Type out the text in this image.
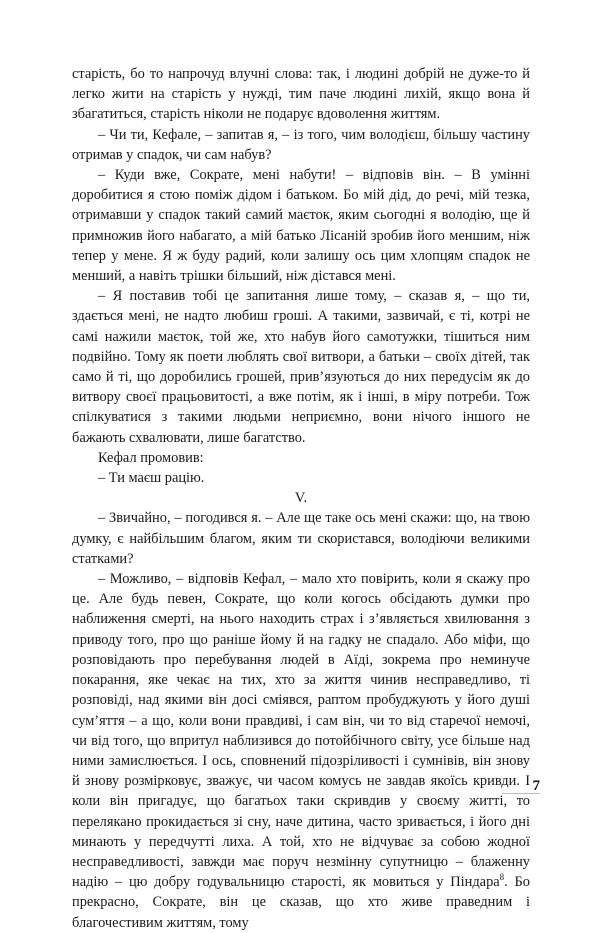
старість, бо то напрочуд влучні слова: так, і людині добрій не дуже-то й легко жити на старість у нужді, тим паче людині лихій, якщо вона й збагатиться, старість ніколи не подарує вдоволення життям.

– Чи ти, Кефале, – запитав я, – із того, чим володієш, більшу частину отримав у спадок, чи сам набув?

– Куди вже, Сократе, мені набути! – відповів він. – В умінні доробитися я стою поміж дідом і батьком. Бо мій дід, до речі, мій тезка, отримавши у спадок такий самий маєток, яким сьогодні я володію, ще й примножив його набагато, а мій батько Лісаній зробив його меншим, ніж тепер у мене. Я ж буду радий, коли залишу ось цим хлопцям спадок не менший, а навіть трішки більший, ніж дістався мені.

– Я поставив тобі це запитання лише тому, – сказав я, – що ти, здається мені, не надто любиш гроші. А такими, зазвичай, є ті, котрі не самі нажили маєток, той же, хто набув його самотужки, тішиться ним подвійно. Тому як поети люблять свої витвори, а батьки – своїх дітей, так само й ті, що доробились грошей, прив’язуються до них передусім як до витвору своєї працьовитості, а вже потім, як і інші, в міру потреби. Тож спілкуватися з такими людьми неприємно, вони нічого іншого не бажають схвалювати, лише багатство.

Кефал промовив:

– Ти маєш рацію.

V.

– Звичайно, – погодився я. – Але ще таке ось мені скажи: що, на твою думку, є найбільшим благом, яким ти скористався, володіючи великими статками?

– Можливо, – відповів Кефал, – мало хто повірить, коли я скажу про це. Але будь певен, Сократе, що коли когось обсідають думки про наближення смерті, на нього находить страх і з’являється хвилювання з приводу того, про що раніше йому й на гадку не спадало. Або міфи, що розповідають про перебування людей в Аїді, зокрема про неминуче покарання, яке чекає на тих, хто за життя чинив несправедливо, ті розповіді, над якими він досі сміявся, раптом пробуджують у його душі сум’яття – а що, коли вони правдиві, і сам він, чи то від старечої немочі, чи від того, що впритул наблизився до потойбічного світу, усе більше над ними замислюється. І ось, сповнений підозріливості і сумнівів, він знову й знову розмірковує, зважує, чи часом комусь не завдав якоїсь кривди. І коли він пригадує, що багатьох таки скривдив у своєму житті, то перелякано прокидається зі сну, наче дитина, часто зривається, і його дні минають у передчутті лиха. А той, хто не відчуває за собою жодної несправедливості, завжди має поруч незмінну супутницю – блаженну надію – цю добру годувальницю старості, як мовиться у Піндара$^8$. Бо прекрасно, Сократе, він це сказав, що хто живе праведним і благочестивим життям, тому

7
